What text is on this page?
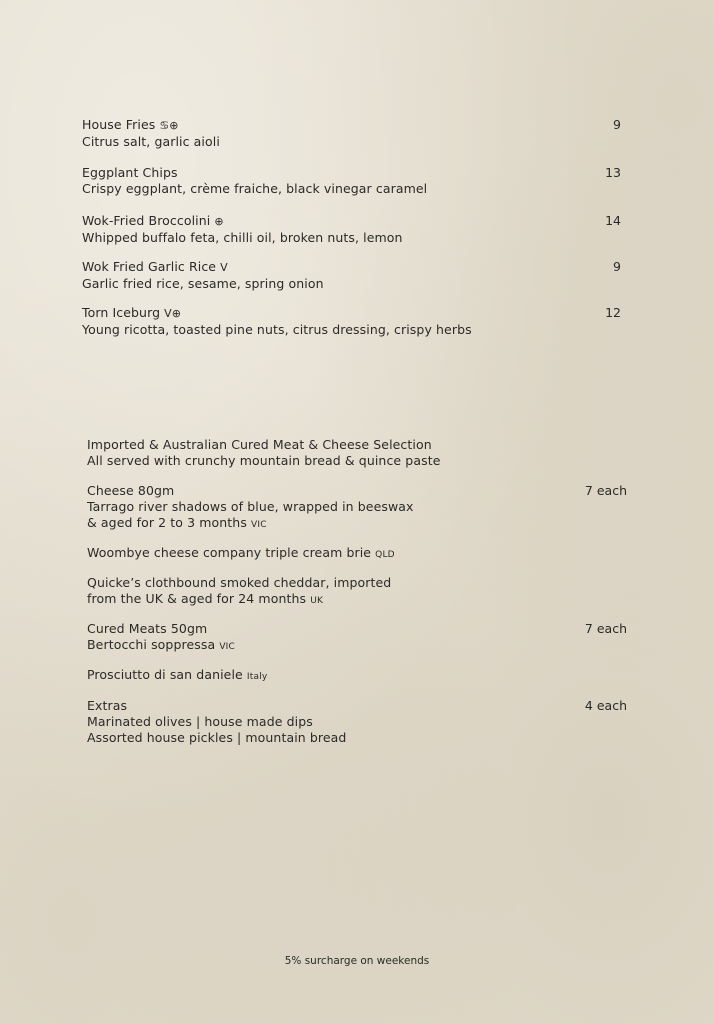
House Fries ♋⊕
Citrus salt, garlic aioli
9
Eggplant Chips
Crispy eggplant, crème fraiche, black vinegar caramel
13
Wok-Fried Broccolini ⊕
Whipped buffalo feta, chilli oil, broken nuts, lemon
14
Wok Fried Garlic Rice V
Garlic fried rice, sesame, spring onion
9
Torn Iceburg V⊕
Young ricotta, toasted pine nuts, citrus dressing, crispy herbs
12
Imported & Australian Cured Meat & Cheese Selection
All served with crunchy mountain bread & quince paste
Cheese 80gm
Tarrago river shadows of blue, wrapped in beeswax
& aged for 2 to 3 months VIC
7 each
Woombye cheese company triple cream brie QLD
Quicke’s clothbound smoked cheddar, imported
from the UK & aged for 24 months UK
Cured Meats 50gm
Bertocchi soppressa VIC
7 each
Prosciutto di san daniele Italy
Extras
Marinated olives | house made dips
Assorted house pickles | mountain bread
4 each
5% surcharge on weekends
